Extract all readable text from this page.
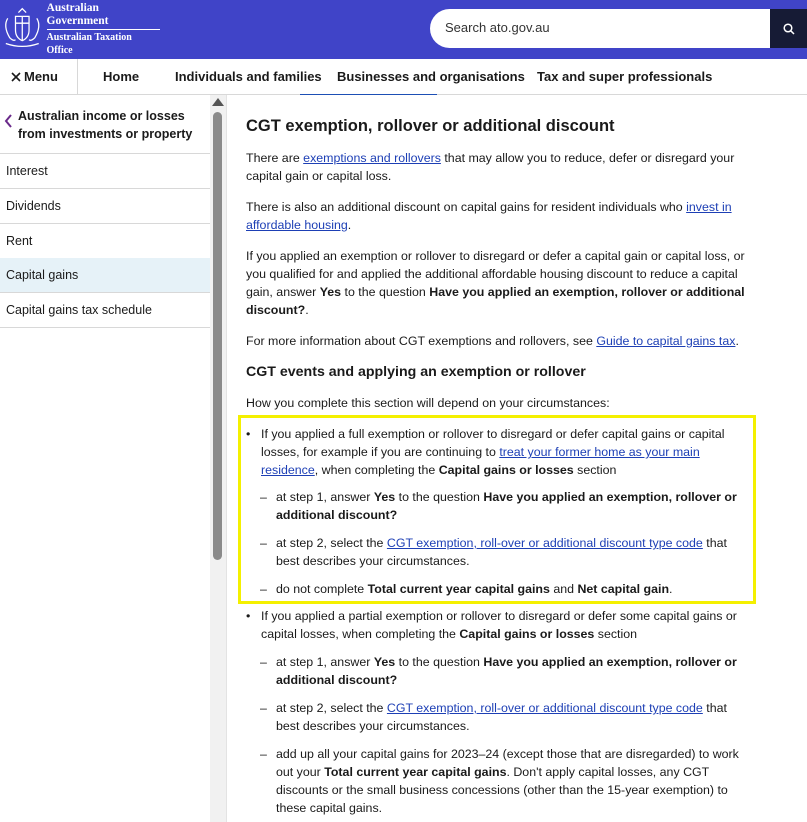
Australian Government
Australian Taxation Office
Search ato.gov.au
Menu	Home	Individuals and families Businesses and organisations Tax and super professionals
Australian income or losses from investments or property
Interest
Dividends
Rent
Capital gains
Capital gains tax schedule
CGT exemption, rollover or additional discount
There are exemptions and rollovers that may allow you to reduce, defer or disregard your capital gain or capital loss.
There is also an additional discount on capital gains for resident individuals who invest in affordable housing.
If you applied an exemption or rollover to disregard or defer a capital gain or capital loss, or you qualified for and applied the additional affordable housing discount to reduce a capital gain, answer Yes to the question Have you applied an exemption, rollover or additional discount?.
For more information about CGT exemptions and rollovers, see Guide to capital gains tax.
CGT events and applying an exemption or rollover
How you complete this section will depend on your circumstances:
• If you applied a full exemption or rollover to disregard or defer capital gains or capital losses, for example if you are continuing to treat your former home as your main residence, when completing the Capital gains or losses section
– at step 1, answer Yes to the question Have you applied an exemption, rollover or additional discount?
– at step 2, select the CGT exemption, roll-over or additional discount type code that best describes your circumstances.
– do not complete Total current year capital gains and Net capital gain.
• If you applied a partial exemption or rollover to disregard or defer some capital gains or capital losses, when completing the Capital gains or losses section
– at step 1, answer Yes to the question Have you applied an exemption, rollover or additional discount?
– at step 2, select the CGT exemption, roll-over or additional discount type code that best describes your circumstances.
– add up all your capital gains for 2023–24 (except those that are disregarded) to work out your Total current year capital gains. Don't apply capital losses, any CGT discounts or the small business concessions (other than the 15-year exemption) to these capital gains.
